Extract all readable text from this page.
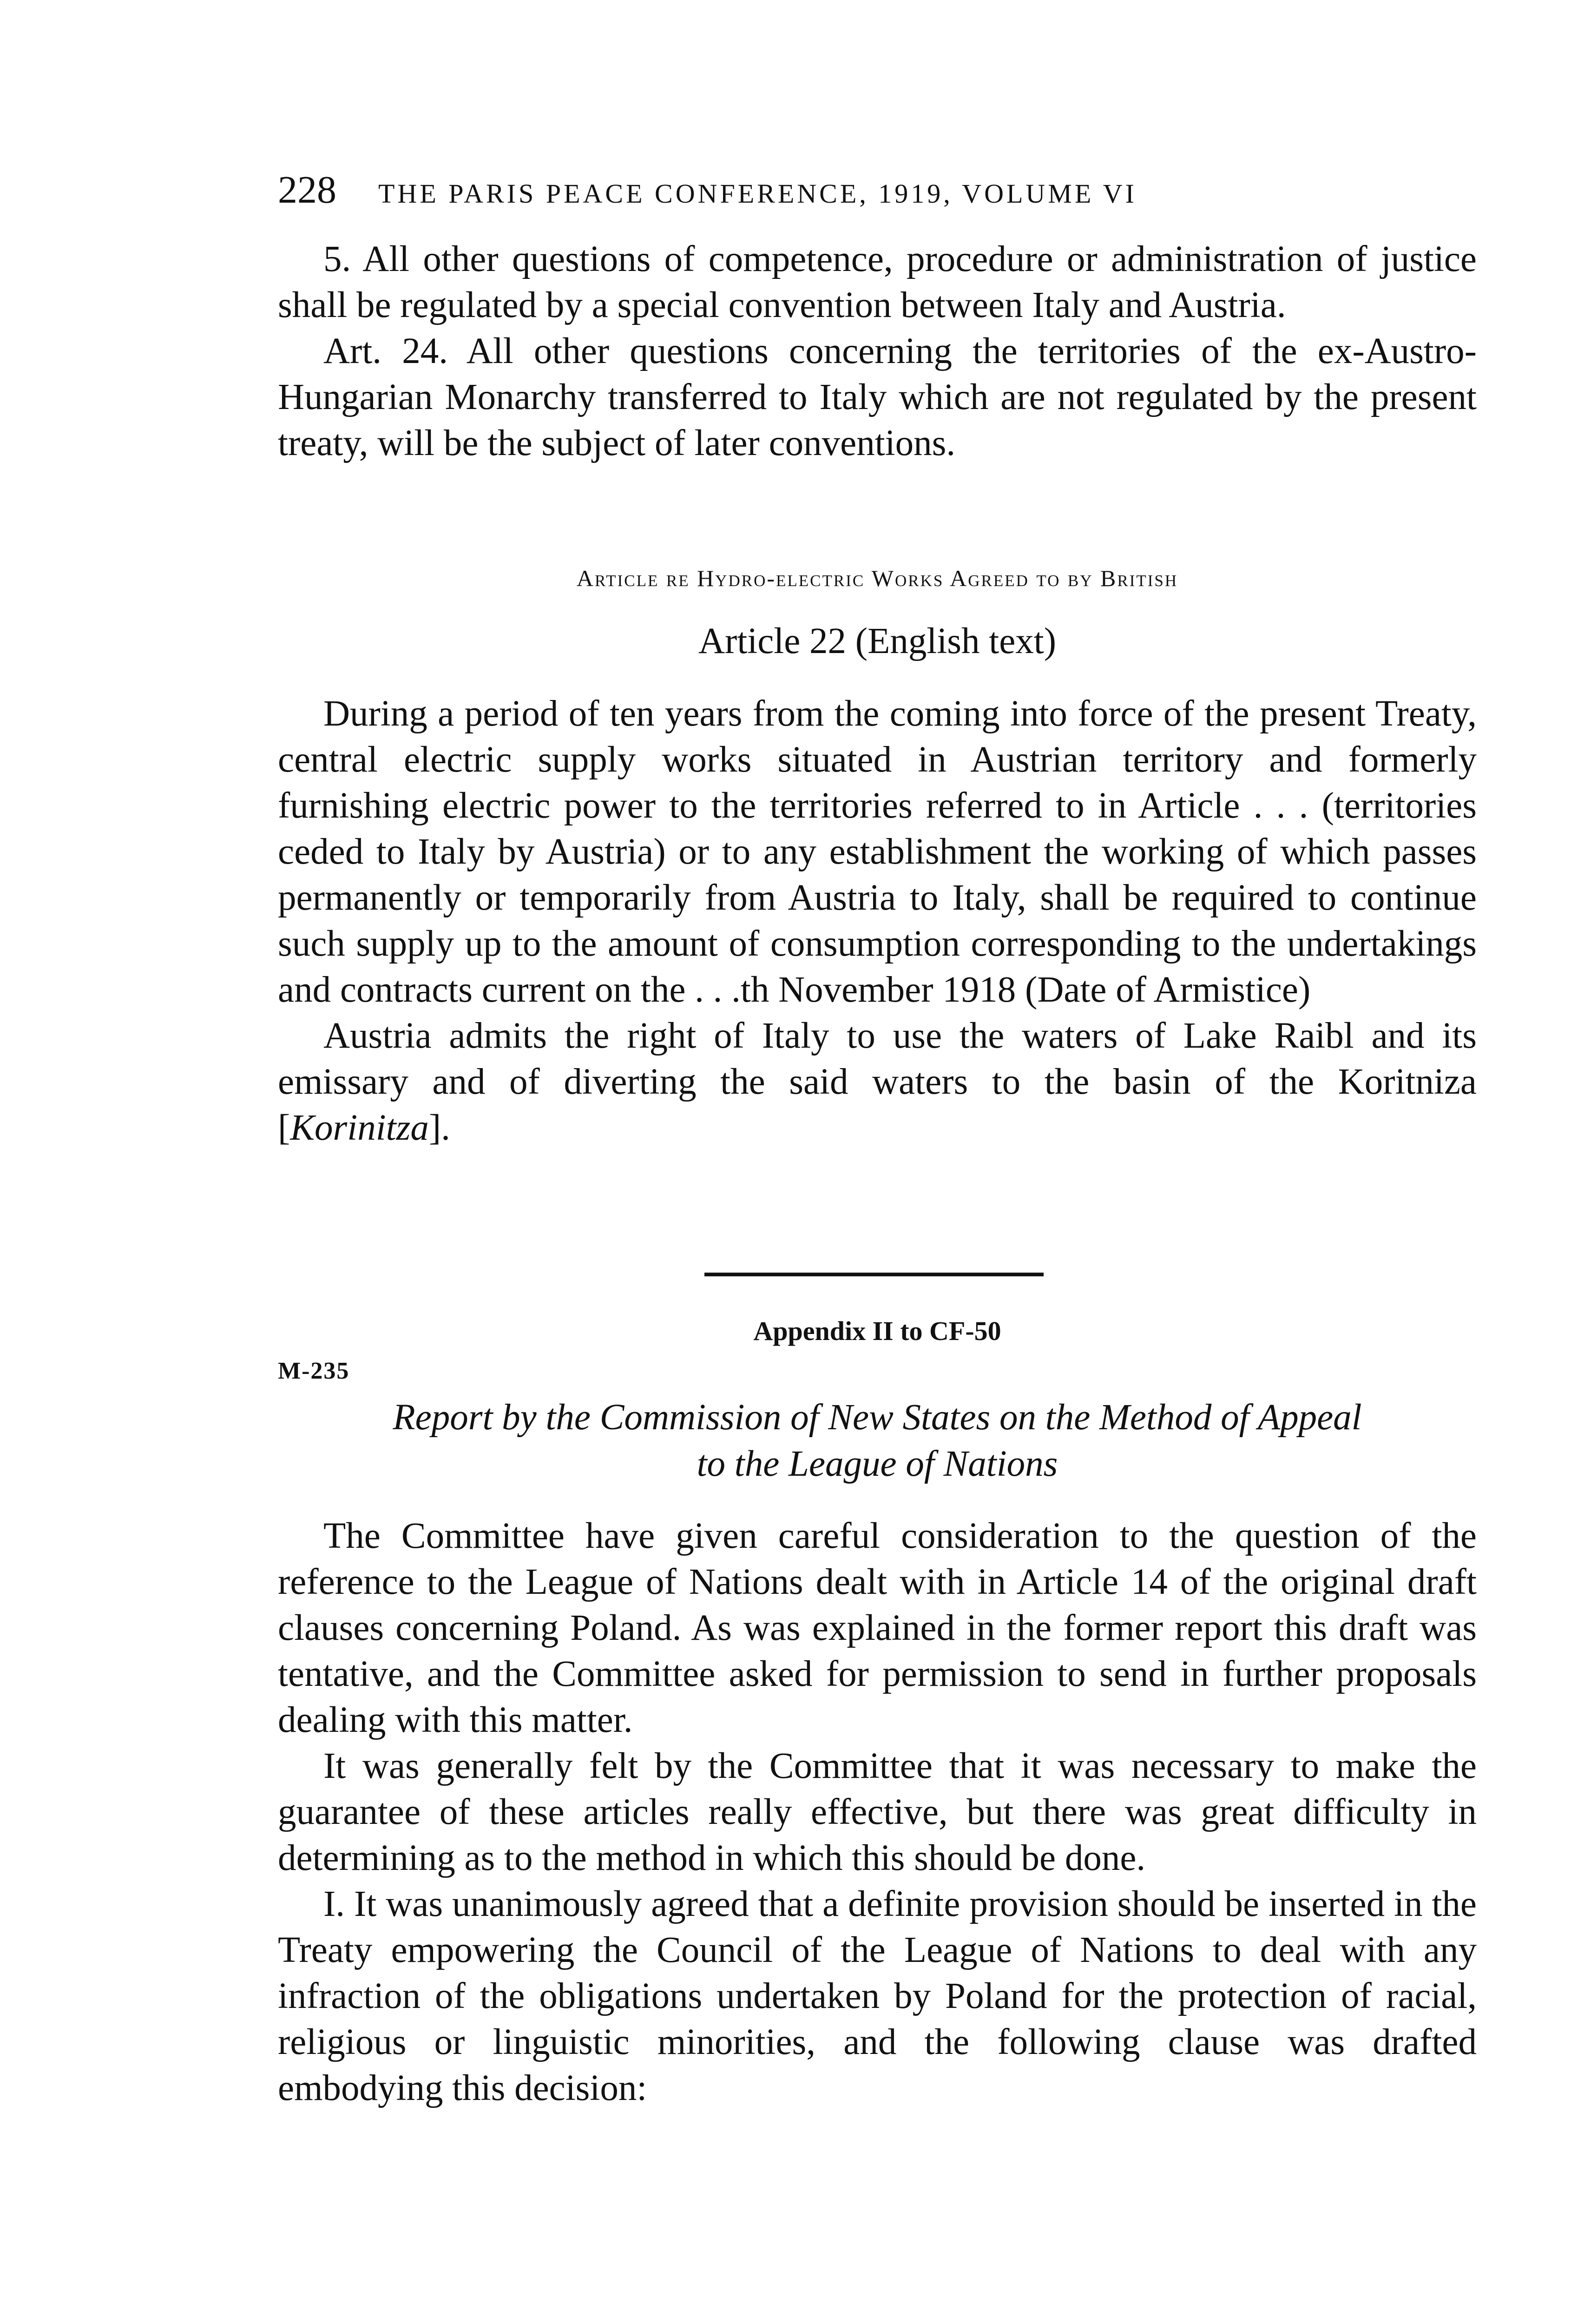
228 THE PARIS PEACE CONFERENCE, 1919, VOLUME VI

5. All other questions of competence, procedure or administration of justice shall be regulated by a special convention between Italy and Austria.

Art. 24. All other questions concerning the territories of the ex-Austro-Hungarian Monarchy transferred to Italy which are not regulated by the present treaty, will be the subject of later conventions.

Article re Hydro-electric Works Agreed to by British
Article 22 (English text)

During a period of ten years from the coming into force of the present Treaty, central electric supply works situated in Austrian territory and formerly furnishing electric power to the territories referred to in Article . . . (territories ceded to Italy by Austria) or to any establishment the working of which passes permanently or temporarily from Austria to Italy, shall be required to continue such supply up to the amount of consumption corresponding to the undertakings and contracts current on the . . .th November 1918 (Date of Armistice)

Austria admits the right of Italy to use the waters of Lake Raibl and its emissary and of diverting the said waters to the basin of the Koritniza [Korinitza].

Appendix II to CF-50
M-235
Report by the Commission of New States on the Method of Appeal
to the League of Nations

The Committee have given careful consideration to the question of the reference to the League of Nations dealt with in Article 14 of the original draft clauses concerning Poland. As was explained in the former report this draft was tentative, and the Committee asked for permission to send in further proposals dealing with this matter.

It was generally felt by the Committee that it was necessary to make the guarantee of these articles really effective, but there was great difficulty in determining as to the method in which this should be done.

I. It was unanimously agreed that a definite provision should be inserted in the Treaty empowering the Council of the League of Nations to deal with any infraction of the obligations undertaken by Poland for the protection of racial, religious or linguistic minorities, and the following clause was drafted embodying this decision:
